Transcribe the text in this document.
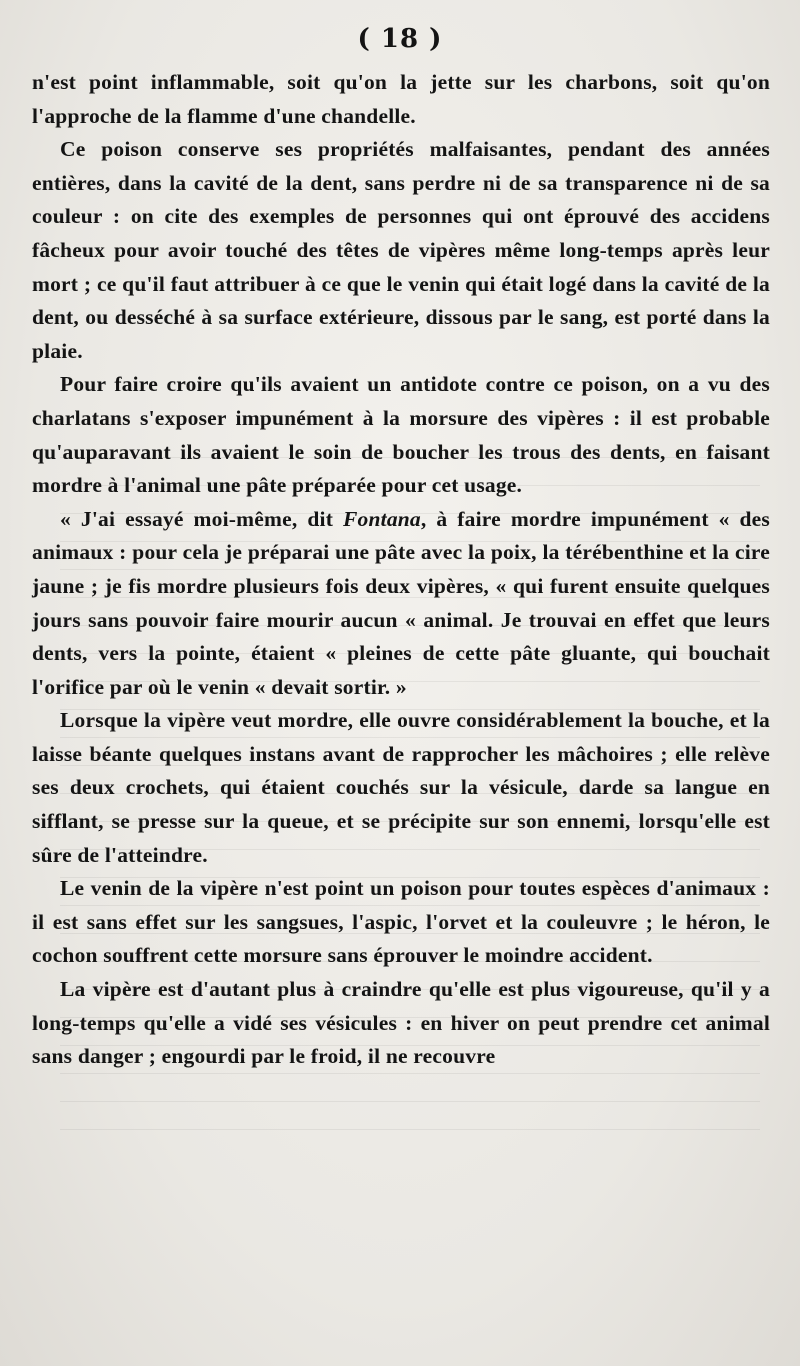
( 18 )

n'est point inflammable, soit qu'on la jette sur les charbons, soit qu'on l'approche de la flamme d'une chandelle.

Ce poison conserve ses propriétés malfaisantes, pendant des années entières, dans la cavité de la dent, sans perdre ni de sa transparence ni de sa couleur : on cite des exemples de personnes qui ont éprouvé des accidens fâcheux pour avoir touché des têtes de vipères même long-temps après leur mort ; ce qu'il faut attribuer à ce que le venin qui était logé dans la cavité de la dent, ou desséché à sa surface extérieure, dissous par le sang, est porté dans la plaie.

Pour faire croire qu'ils avaient un antidote contre ce poison, on a vu des charlatans s'exposer impunément à la morsure des vipères : il est probable qu'auparavant ils avaient le soin de boucher les trous des dents, en faisant mordre à l'animal une pâte préparée pour cet usage.

« J'ai essayé moi-même, dit Fontana, à faire mordre impunément « des animaux : pour cela je préparai une pâte avec la poix, la térébenthine et la cire jaune ; je fis mordre plusieurs fois deux vipères, « qui furent ensuite quelques jours sans pouvoir faire mourir aucun « animal. Je trouvai en effet que leurs dents, vers la pointe, étaient « pleines de cette pâte gluante, qui bouchait l'orifice par où le venin « devait sortir. »

Lorsque la vipère veut mordre, elle ouvre considérablement la bouche, et la laisse béante quelques instans avant de rapprocher les mâchoires ; elle relève ses deux crochets, qui étaient couchés sur la vésicule, darde sa langue en sifflant, se presse sur la queue, et se précipite sur son ennemi, lorsqu'elle est sûre de l'atteindre.

Le venin de la vipère n'est point un poison pour toutes espèces d'animaux : il est sans effet sur les sangsues, l'aspic, l'orvet et la couleuvre ; le héron, le cochon souffrent cette morsure sans éprouver le moindre accident.

La vipère est d'autant plus à craindre qu'elle est plus vigoureuse, qu'il y a long-temps qu'elle a vidé ses vésicules : en hiver on peut prendre cet animal sans danger ; engourdi par le froid, il ne recouvre
